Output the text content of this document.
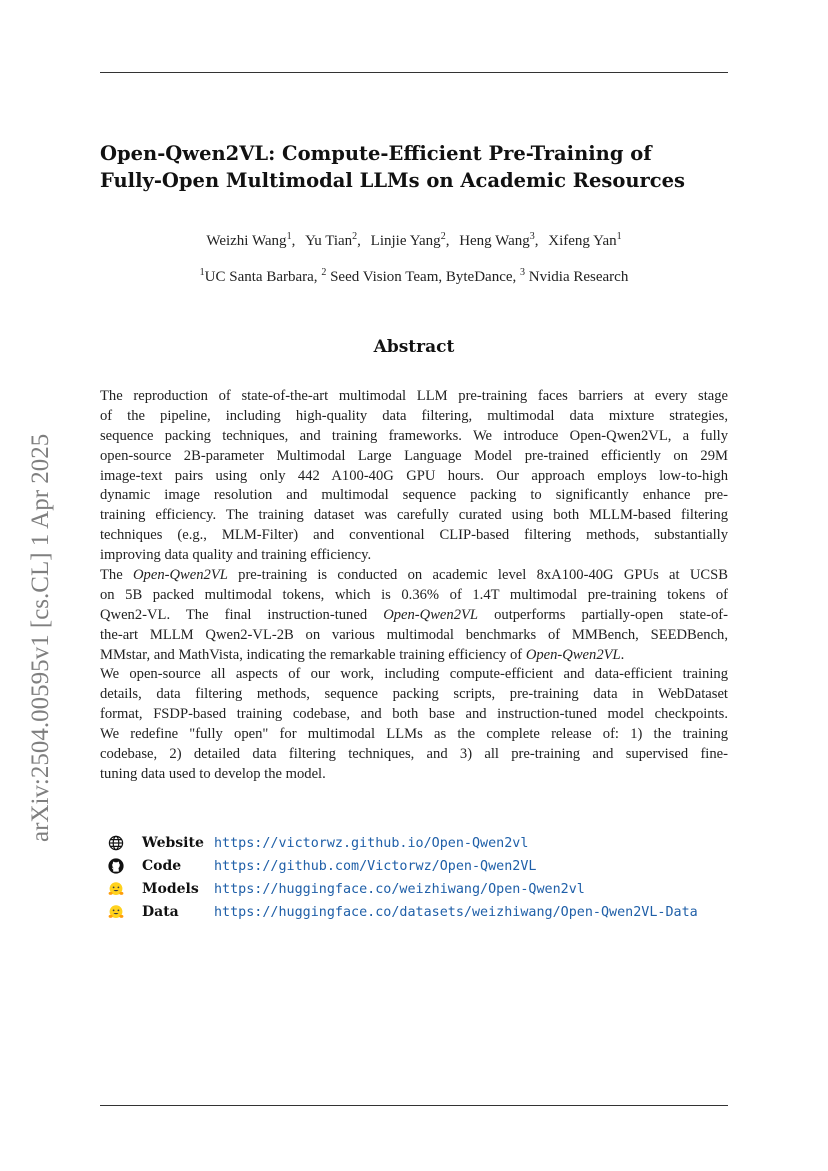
arXiv:2504.00595v1 [cs.CL] 1 Apr 2025
Open-Qwen2VL: Compute-Efficient Pre-Training of
Fully-Open Multimodal LLMs on Academic Resources
Weizhi Wang$^1$, Yu Tian$^2$, Linjie Yang$^2$, Heng Wang$^3$, Xifeng Yan$^1$
$^1$UC Santa Barbara, $^2$ Seed Vision Team, ByteDance, $^3$ Nvidia Research
Abstract
The reproduction of state-of-the-art multimodal LLM pre-training faces barriers at every stage
of the pipeline, including high-quality data filtering, multimodal data mixture strategies,
sequence packing techniques, and training frameworks. We introduce Open-Qwen2VL, a fully
open-source 2B-parameter Multimodal Large Language Model pre-trained efficiently on 29M
image-text pairs using only 442 A100-40G GPU hours. Our approach employs low-to-high
dynamic image resolution and multimodal sequence packing to significantly enhance pre-
training efficiency. The training dataset was carefully curated using both MLLM-based filtering
techniques (e.g., MLM-Filter) and conventional CLIP-based filtering methods, substantially
improving data quality and training efficiency.
The Open-Qwen2VL pre-training is conducted on academic level 8xA100-40G GPUs at UCSB
on 5B packed multimodal tokens, which is 0.36% of 1.4T multimodal pre-training tokens of
Qwen2-VL. The final instruction-tuned Open-Qwen2VL outperforms partially-open state-of-
the-art MLLM Qwen2-VL-2B on various multimodal benchmarks of MMBench, SEEDBench,
MMstar, and MathVista, indicating the remarkable training efficiency of Open-Qwen2VL.
We open-source all aspects of our work, including compute-efficient and data-efficient training
details, data filtering methods, sequence packing scripts, pre-training data in WebDataset
format, FSDP-based training codebase, and both base and instruction-tuned model checkpoints.
We redefine "fully open" for multimodal LLMs as the complete release of: 1) the training
codebase, 2) detailed data filtering techniques, and 3) all pre-training and supervised fine-
tuning data used to develop the model.
Website https://victorwz.github.io/Open-Qwen2vl
Code https://github.com/Victorwz/Open-Qwen2VL
Models https://huggingface.co/weizhiwang/Open-Qwen2vl
Data	https://huggingface.co/datasets/weizhiwang/Open-Qwen2VL-Data
